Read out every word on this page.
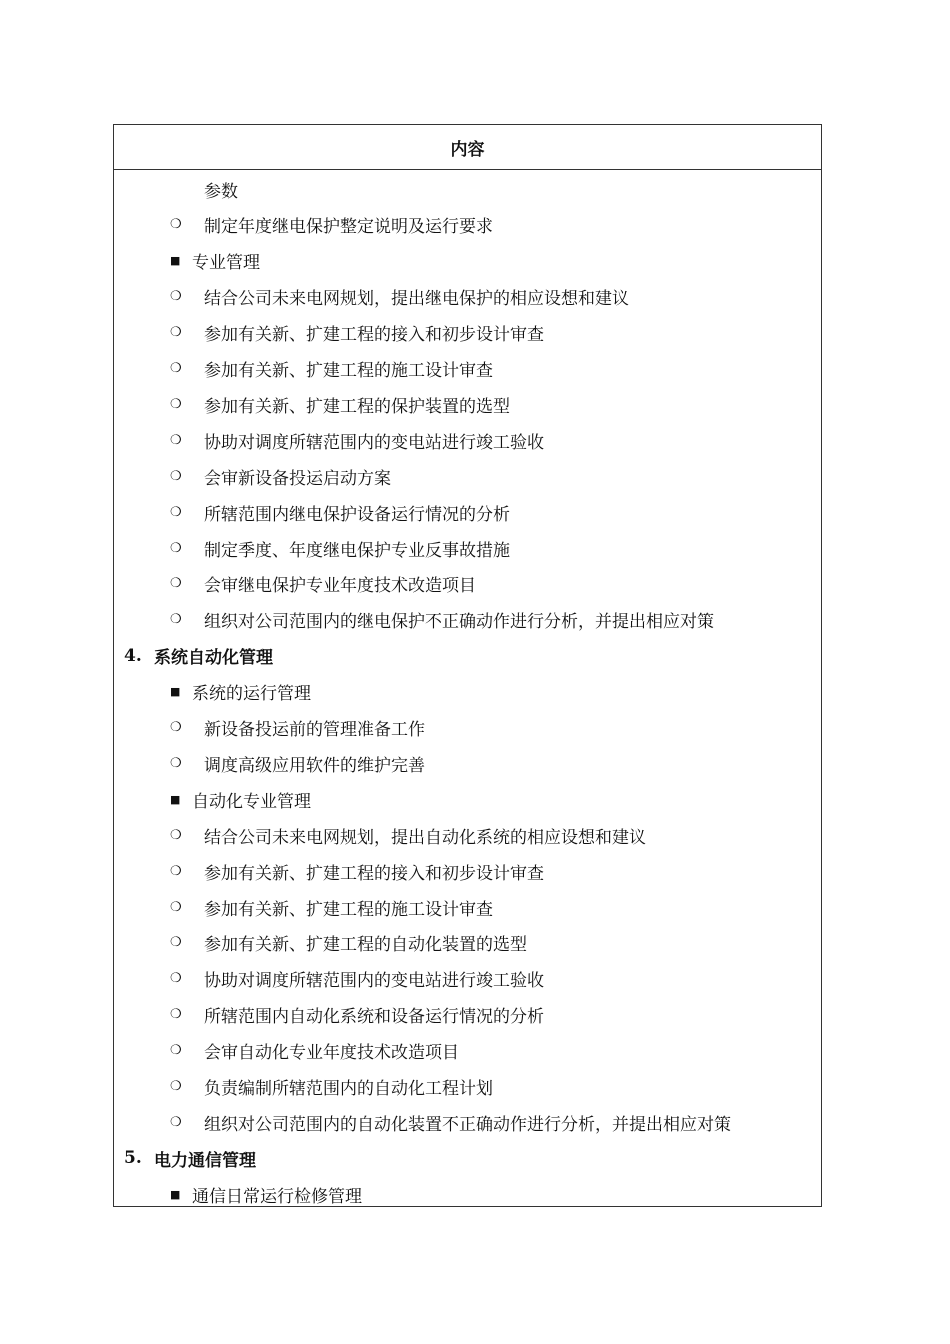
内容
参数
❍ 制定年度继电保护整定说明及运行要求
■ 专业管理
❍ 结合公司未来电网规划，提出继电保护的相应设想和建议
❍ 参加有关新、扩建工程的接入和初步设计审查
❍ 参加有关新、扩建工程的施工设计审查
❍ 参加有关新、扩建工程的保护装置的选型
❍ 协助对调度所辖范围内的变电站进行竣工验收
❍ 会审新设备投运启动方案
❍ 所辖范围内继电保护设备运行情况的分析
❍ 制定季度、年度继电保护专业反事故措施
❍ 会审继电保护专业年度技术改造项目
❍ 组织对公司范围内的继电保护不正确动作进行分析，并提出相应对策
4. 系统自动化管理
■ 系统的运行管理
❍ 新设备投运前的管理准备工作
❍ 调度高级应用软件的维护完善
■ 自动化专业管理
❍ 结合公司未来电网规划，提出自动化系统的相应设想和建议
❍ 参加有关新、扩建工程的接入和初步设计审查
❍ 参加有关新、扩建工程的施工设计审查
❍ 参加有关新、扩建工程的自动化装置的选型
❍ 协助对调度所辖范围内的变电站进行竣工验收
❍ 所辖范围内自动化系统和设备运行情况的分析
❍ 会审自动化专业年度技术改造项目
❍ 负责编制所辖范围内的自动化工程计划
❍ 组织对公司范围内的自动化装置不正确动作进行分析，并提出相应对策
5. 电力通信管理
■ 通信日常运行检修管理
